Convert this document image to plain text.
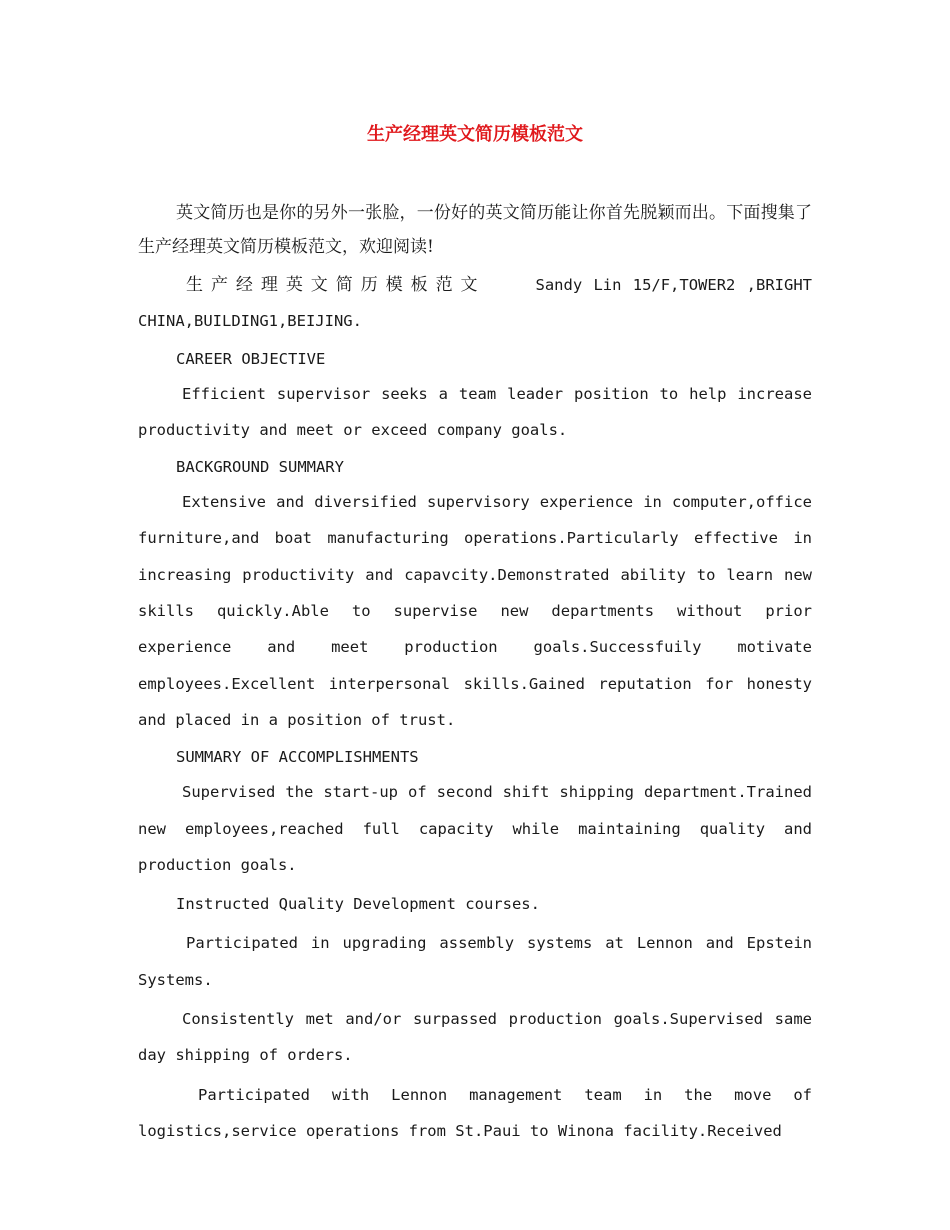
生产经理英文简历模板范文

英文简历也是你的另外一张脸，一份好的英文简历能让你首先脱颖而出。下面搜集了生产经理英文简历模板范文，欢迎阅读!

生产经理英文简历模板范文	Sandy Lin 15/F,TOWER2 ,BRIGHT CHINA,BUILDING1,BEIJING.

CAREER OBJECTIVE

Efficient supervisor seeks a team leader position to help increase productivity and meet or exceed company goals.

BACKGROUND SUMMARY

Extensive and diversified supervisory experience in computer,office furniture,and boat manufacturing operations.Particularly effective in increasing productivity and capavcity.Demonstrated ability to learn new skills quickly.Able to supervise new departments without prior experience and meet production goals.Successfuily motivate employees.Excellent interpersonal skills.Gained reputation for honesty and placed in a position of trust.

SUMMARY OF ACCOMPLISHMENTS

Supervised the start-up of second shift shipping department.Trained new employees,reached full capacity while maintaining quality and production goals.

Instructed Quality Development courses.

Participated in upgrading assembly systems at Lennon and Epstein Systems.

Consistently met and/or surpassed production goals.Supervised same day shipping of orders.

Participated with Lennon management team in the move of logistics,service operations from St.Paui to Winona facility.Received
